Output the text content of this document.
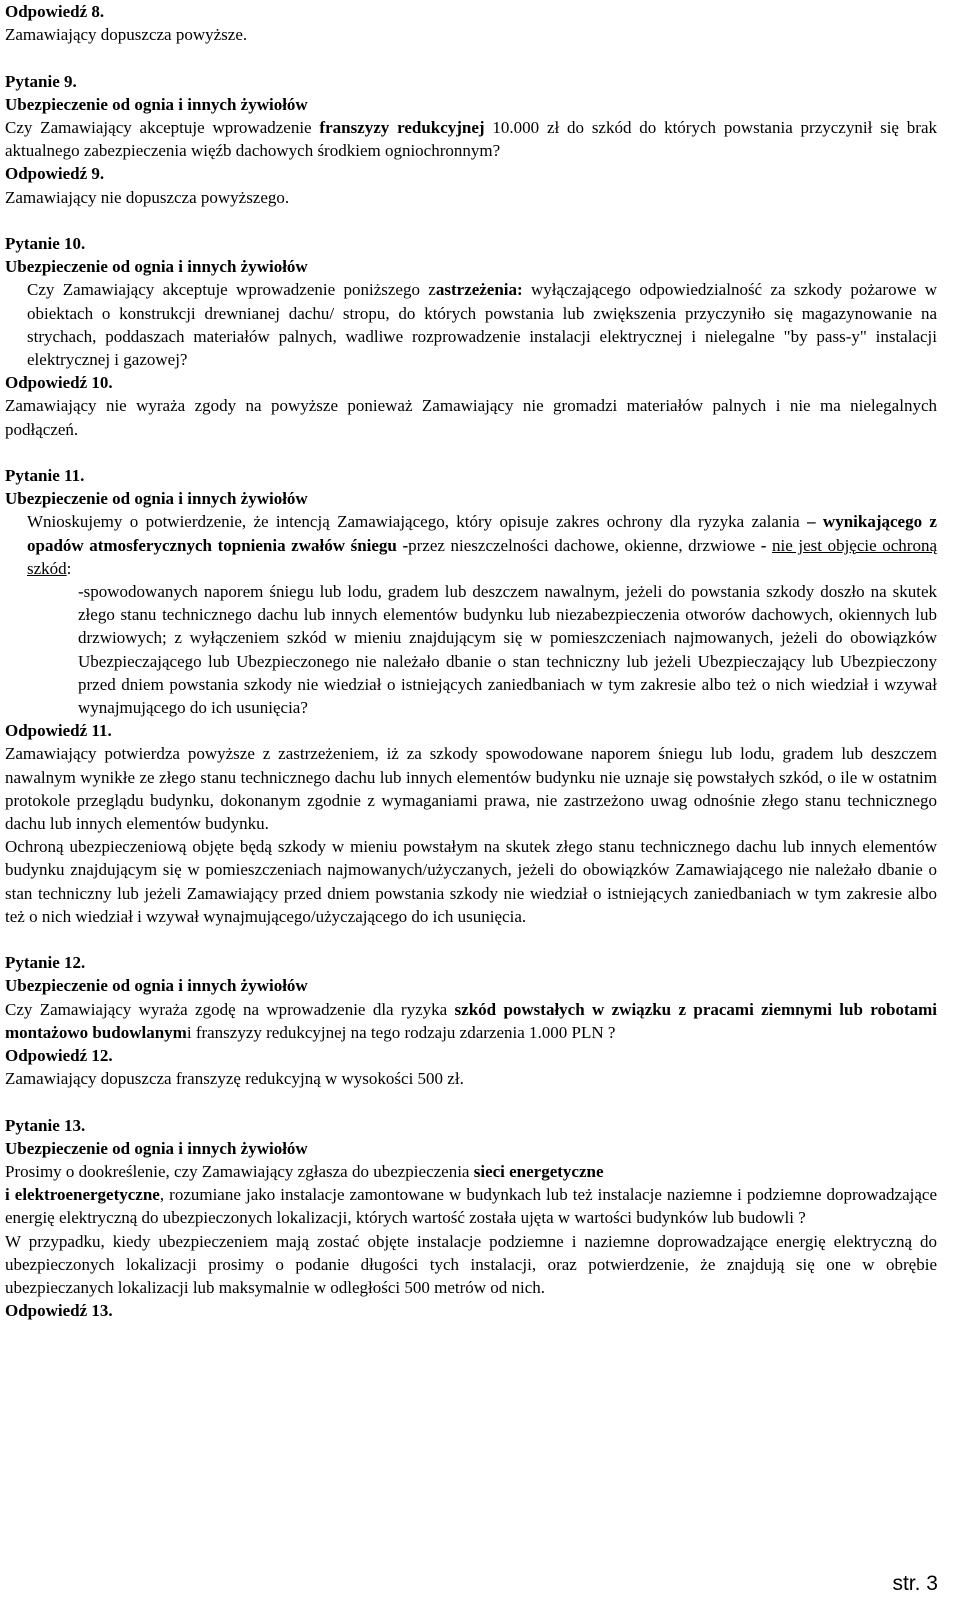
Odpowiedź 8.

Zamawiający dopuszcza powyższe.

Pytanie 9.

Ubezpieczenie od ognia i innych żywiołów

Czy Zamawiający akceptuje wprowadzenie franszyzy redukcyjnej 10.000 zł do szkód do których powstania przyczynił się brak aktualnego zabezpieczenia więźb dachowych środkiem ogniochronnym?

Odpowiedź 9.

Zamawiający nie dopuszcza powyższego.

Pytanie 10.

Ubezpieczenie od ognia i innych żywiołów

Czy Zamawiający akceptuje wprowadzenie poniższego zastrzeżenia: wyłączającego odpowiedzialność za szkody pożarowe w obiektach o konstrukcji drewnianej dachu/ stropu, do których powstania lub zwiększenia przyczyniło się magazynowanie na strychach, poddaszach materiałów palnych, wadliwe rozprowadzenie instalacji elektrycznej i nielegalne "by pass-y" instalacji elektrycznej i gazowej?

Odpowiedź 10.

Zamawiający nie wyraża zgody na powyższe ponieważ Zamawiający nie gromadzi materiałów palnych i nie ma nielegalnych podłączeń.

Pytanie 11.

Ubezpieczenie od ognia i innych żywiołów

Wnioskujemy o potwierdzenie, że intencją Zamawiającego, który opisuje zakres ochrony dla ryzyka zalania – wynikającego z opadów atmosferycznych topnienia zwałów śniegu -przez nieszczelności dachowe, okienne, drzwiowe - nie jest objęcie ochroną szkód:

-spowodowanych naporem śniegu lub lodu, gradem lub deszczem nawalnym, jeżeli do powstania szkody doszło na skutek złego stanu technicznego dachu lub innych elementów budynku lub niezabezpieczenia otworów dachowych, okiennych lub drzwiowych; z wyłączeniem szkód w mieniu znajdującym się w pomieszczeniach najmowanych, jeżeli do obowiązków Ubezpieczającego lub Ubezpieczonego nie należało dbanie o stan techniczny lub jeżeli Ubezpieczający lub Ubezpieczony przed dniem powstania szkody nie wiedział o istniejących zaniedbaniach w tym zakresie albo też o nich wiedział i wzywał wynajmującego do ich usunięcia?

Odpowiedź 11.

Zamawiający potwierdza powyższe z zastrzeżeniem, iż za szkody spowodowane naporem śniegu lub lodu, gradem lub deszczem nawalnym wynikłe ze złego stanu technicznego dachu lub innych elementów budynku nie uznaje się powstałych szkód, o ile w ostatnim protokole przeglądu budynku, dokonanym zgodnie z wymaganiami prawa, nie zastrzeżono uwag odnośnie złego stanu technicznego dachu lub innych elementów budynku.

Ochroną ubezpieczeniową objęte będą szkody w mieniu powstałym na skutek złego stanu technicznego dachu lub innych elementów budynku znajdującym się w pomieszczeniach najmowanych/użyczanych, jeżeli do obowiązków Zamawiającego nie należało dbanie o stan techniczny lub jeżeli Zamawiający przed dniem powstania szkody nie wiedział o istniejących zaniedbaniach w tym zakresie albo też o nich wiedział i wzywał wynajmującego/użyczającego do ich usunięcia.

Pytanie 12.

Ubezpieczenie od ognia i innych żywiołów

Czy Zamawiający wyraża zgodę na wprowadzenie dla ryzyka szkód powstałych w związku z pracami ziemnymi lub robotami montażowo budowlanymi franszyzy redukcyjnej na tego rodzaju zdarzenia 1.000 PLN ?

Odpowiedź 12.

Zamawiający dopuszcza franszyzę redukcyjną w wysokości 500 zł.

Pytanie 13.

Ubezpieczenie od ognia i innych żywiołów

Prosimy o dookreślenie, czy Zamawiający zgłasza do ubezpieczenia sieci energetyczne

i elektroenergetyczne, rozumiane jako instalacje zamontowane w budynkach lub też instalacje naziemne i podziemne doprowadzające energię elektryczną do ubezpieczonych lokalizacji, których wartość została ujęta w wartości budynków lub budowli ?

W przypadku, kiedy ubezpieczeniem mają zostać objęte instalacje podziemne i naziemne doprowadzające energię elektryczną do ubezpieczonych lokalizacji prosimy o podanie długości tych instalacji, oraz potwierdzenie, że znajdują się one w obrębie ubezpieczanych lokalizacji lub maksymalnie w odległości 500 metrów od nich.

Odpowiedź 13.

str. 3
